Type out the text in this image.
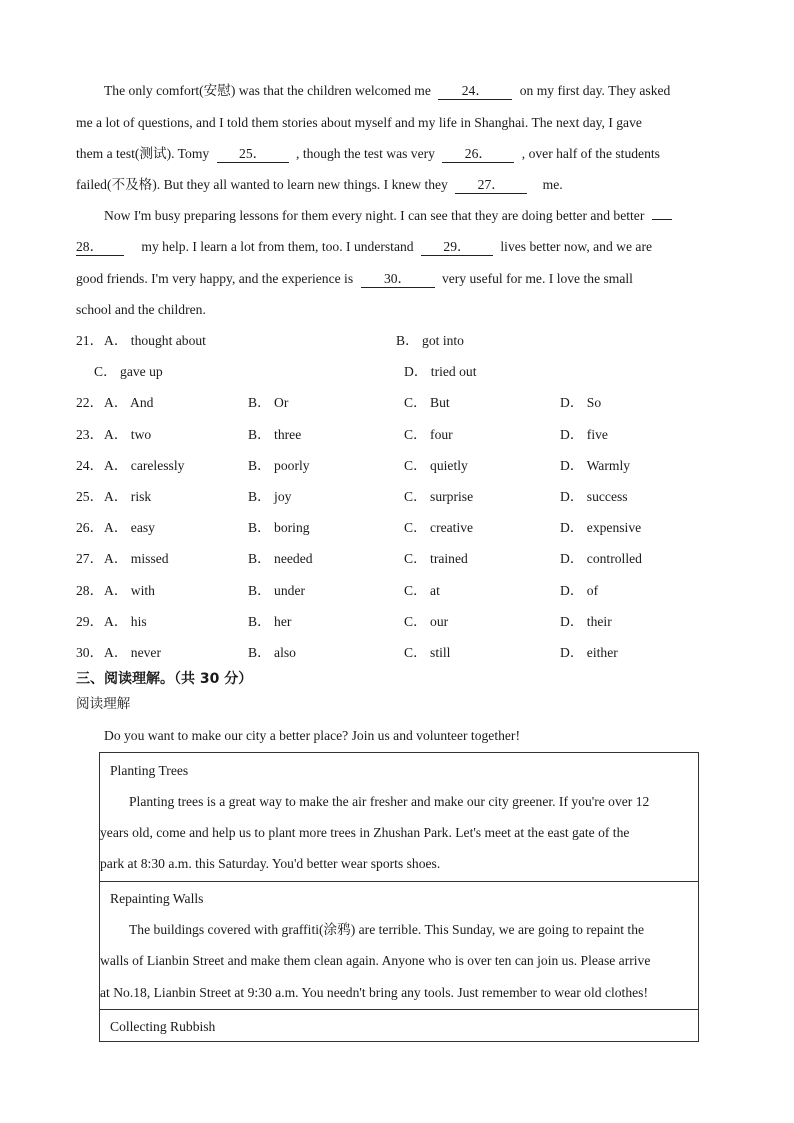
The only comfort(安慰) was that the children welcomed me 24． on my first day. They asked
me a lot of questions, and I told them stories about myself and my life in Shanghai. The next day, I gave
them a test(测试). Tomy 25． , though the test was very 26． , over half of the students
failed(不及格). But they all wanted to learn new things. I knew they 27．	me.
Now I'm busy preparing lessons for them every night. I can see that they are doing better and better
28．	my help. I learn a lot from them, too. I understand 29． lives better now, and we are
good friends. I'm very happy, and the experience is 30． very useful for me. I love the small
school and the children.
21． A． thought about	B． got into
C． gave up	D． tried out
22． A． And	B． Or	C． But	D． So
23． A． two	B． three	C． four	D． five
24． A． carelessly	B． poorly	C． quietly	D． Warmly
25． A． risk	B． joy	C． surprise	D． success
26． A． easy	B． boring	C． creative	D． expensive
27． A． missed	B． needed	C． trained	D． controlled
28． A． with	B． under	C． at	D． of
29． A． his	B． her	C． our	D． their
30． A． never	B． also	C． still	D． either
三、阅读理解。（共 30 分）
阅读理解
Do you want to make our city a better place? Join us and volunteer together!
Planting Trees
Planting trees is a great way to make the air fresher and make our city greener. If you're over 12
years old, come and help us to plant more trees in Zhushan Park. Let's meet at the east gate of the
park at 8:30 a.m. this Saturday. You'd better wear sports shoes.
Repainting Walls
The buildings covered with graffiti(涂鸦) are terrible. This Sunday, we are going to repaint the
walls of Lianbin Street and make them clean again. Anyone who is over ten can join us. Please arrive
at No.18, Lianbin Street at 9:30 a.m. You needn't bring any tools. Just remember to wear old clothes!
Collecting Rubbish
